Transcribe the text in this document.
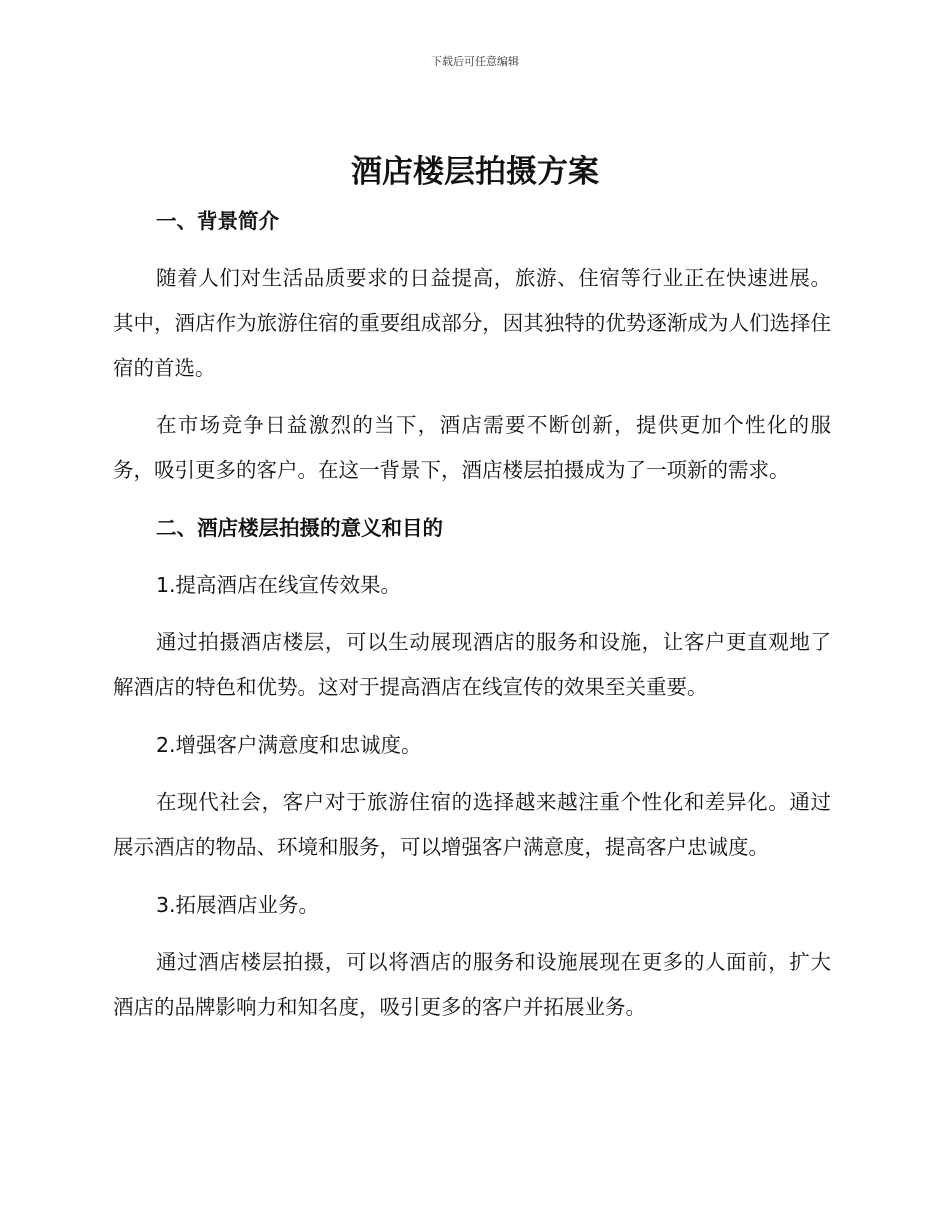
下载后可任意编辑
酒店楼层拍摄方案

一、背景简介

随着人们对生活品质要求的日益提高，旅游、住宿等行业正在快速进展。其中，酒店作为旅游住宿的重要组成部分，因其独特的优势逐渐成为人们选择住宿的首选。

在市场竞争日益激烈的当下，酒店需要不断创新，提供更加个性化的服务，吸引更多的客户。在这一背景下，酒店楼层拍摄成为了一项新的需求。

二、酒店楼层拍摄的意义和目的

1.提高酒店在线宣传效果。

通过拍摄酒店楼层，可以生动展现酒店的服务和设施，让客户更直观地了解酒店的特色和优势。这对于提高酒店在线宣传的效果至关重要。

2.增强客户满意度和忠诚度。

在现代社会，客户对于旅游住宿的选择越来越注重个性化和差异化。通过展示酒店的物品、环境和服务，可以增强客户满意度，提高客户忠诚度。

3.拓展酒店业务。

通过酒店楼层拍摄，可以将酒店的服务和设施展现在更多的人面前，扩大酒店的品牌影响力和知名度，吸引更多的客户并拓展业务。
